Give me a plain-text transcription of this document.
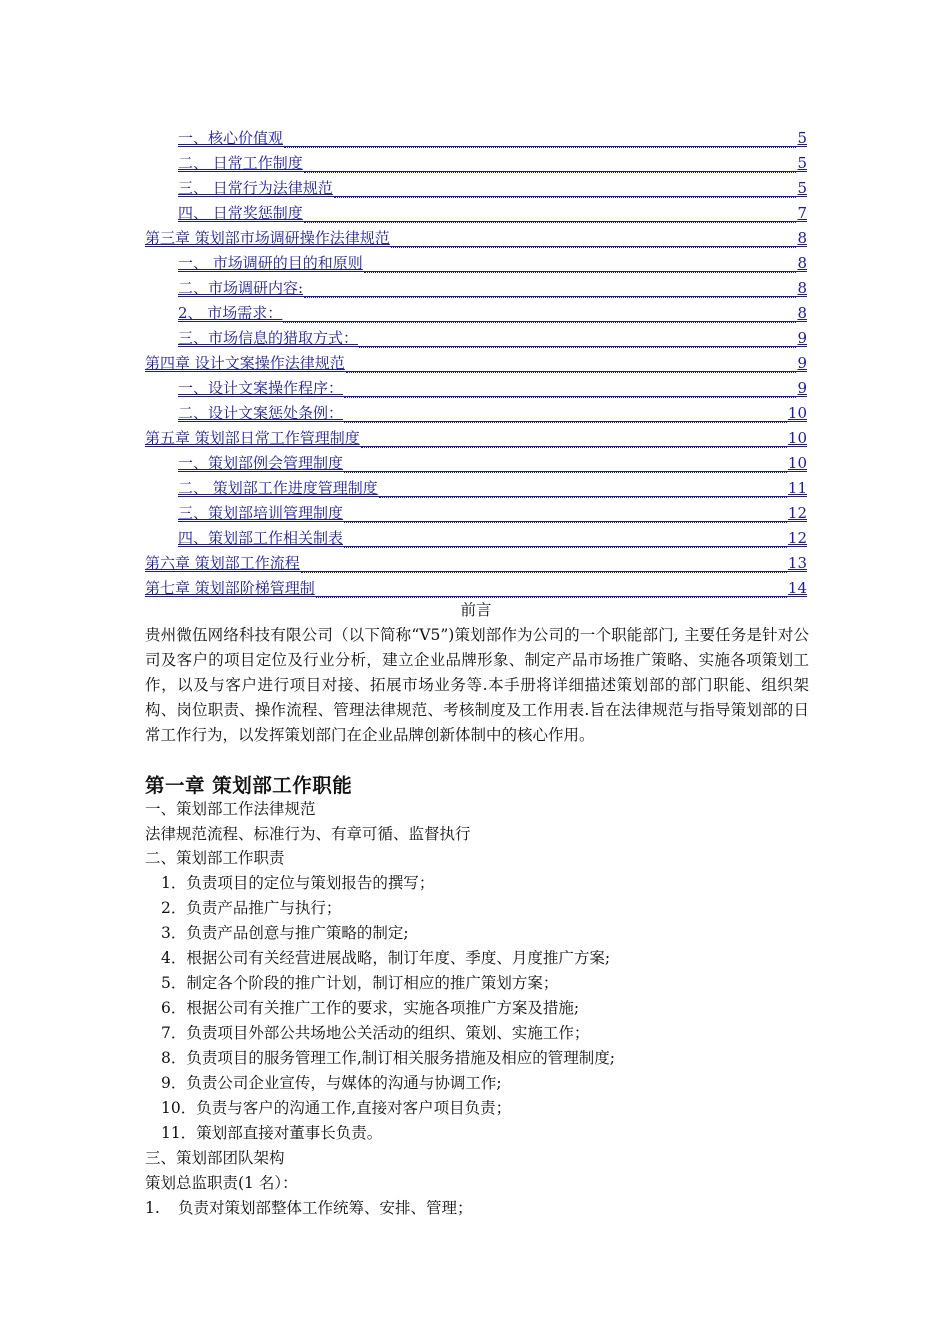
一、核心价值观	5
二、 日常工作制度	5
三、 日常行为法律规范	5
四、 日常奖惩制度	7
第三章 策划部市场调研操作法律规范	8
一、 市场调研的目的和原则	8
二、市场调研内容:	8
2、 市场需求：	8
三、市场信息的猎取方式：	9
第四章 设计文案操作法律规范	9
一、设计文案操作程序：	9
二、设计文案惩处条例：	10
第五章 策划部日常工作管理制度	10
一、策划部例会管理制度	10
二、 策划部工作进度管理制度	11
三、策划部培训管理制度	12
四、策划部工作相关制表	12
第六章 策划部工作流程	13
第七章 策划部阶梯管理制	14
前言
贵州微伍网络科技有限公司（以下简称“V5”)策划部作为公司的一个职能部门, 主要任务是针对公司及客户的项目定位及行业分析，建立企业品牌形象、制定产品市场推广策略、实施各项策划工作，以及与客户进行项目对接、拓展市场业务等.本手册将详细描述策划部的部门职能、组织架构、岗位职责、操作流程、管理法律规范、考核制度及工作用表.旨在法律规范与指导策划部的日常工作行为，以发挥策划部门在企业品牌创新体制中的核心作用。
第一章 策划部工作职能
一、策划部工作法律规范
法律规范流程、标准行为、有章可循、监督执行
二、策划部工作职责
1．负责项目的定位与策划报告的撰写；
2．负责产品推广与执行；
3．负责产品创意与推广策略的制定;
4．根据公司有关经营进展战略，制订年度、季度、月度推广方案;
5．制定各个阶段的推广计划，制订相应的推广策划方案；
6．根据公司有关推广工作的要求，实施各项推广方案及措施;
7．负责项目外部公共场地公关活动的组织、策划、实施工作；
8．负责项目的服务管理工作,制订相关服务措施及相应的管理制度;
9．负责公司企业宣传，与媒体的沟通与协调工作;
10．负责与客户的沟通工作,直接对客户项目负责；
11．策划部直接对董事长负责。
三、策划部团队架构
策划总监职责(1 名）：
1. 负责对策划部整体工作统筹、安排、管理；
